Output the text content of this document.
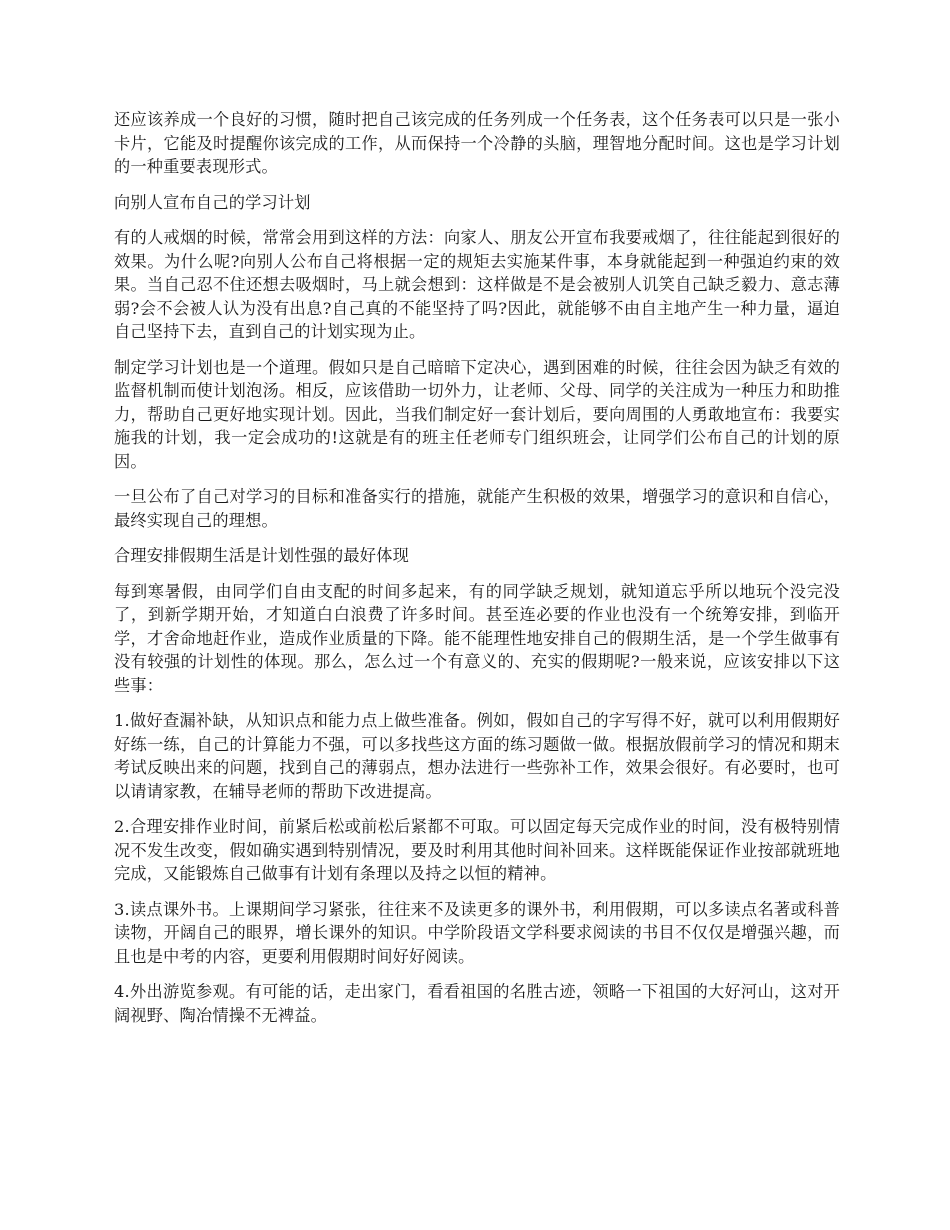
还应该养成一个良好的习惯，随时把自己该完成的任务列成一个任务表，这个任务表可以只是一张小卡片，它能及时提醒你该完成的工作，从而保持一个冷静的头脑，理智地分配时间。这也是学习计划的一种重要表现形式。

向别人宣布自己的学习计划

有的人戒烟的时候，常常会用到这样的方法：向家人、朋友公开宣布我要戒烟了，往往能起到很好的效果。为什么呢?向别人公布自己将根据一定的规矩去实施某件事，本身就能起到一种强迫约束的效果。当自己忍不住还想去吸烟时，马上就会想到：这样做是不是会被别人讥笑自己缺乏毅力、意志薄弱?会不会被人认为没有出息?自己真的不能坚持了吗?因此，就能够不由自主地产生一种力量，逼迫自己坚持下去，直到自己的计划实现为止。

制定学习计划也是一个道理。假如只是自己暗暗下定决心，遇到困难的时候，往往会因为缺乏有效的监督机制而使计划泡汤。相反，应该借助一切外力，让老师、父母、同学的关注成为一种压力和助推力，帮助自己更好地实现计划。因此，当我们制定好一套计划后，要向周围的人勇敢地宣布：我要实施我的计划，我一定会成功的!这就是有的班主任老师专门组织班会，让同学们公布自己的计划的原因。

一旦公布了自己对学习的目标和准备实行的措施，就能产生积极的效果，增强学习的意识和自信心，最终实现自己的理想。

合理安排假期生活是计划性强的最好体现

每到寒暑假，由同学们自由支配的时间多起来，有的同学缺乏规划，就知道忘乎所以地玩个没完没了，到新学期开始，才知道白白浪费了许多时间。甚至连必要的作业也没有一个统筹安排，到临开学，才舍命地赶作业，造成作业质量的下降。能不能理性地安排自己的假期生活，是一个学生做事有没有较强的计划性的体现。那么，怎么过一个有意义的、充实的假期呢?一般来说，应该安排以下这些事：

1.做好查漏补缺，从知识点和能力点上做些准备。例如，假如自己的字写得不好，就可以利用假期好好练一练，自己的计算能力不强，可以多找些这方面的练习题做一做。根据放假前学习的情况和期末考试反映出来的问题，找到自己的薄弱点，想办法进行一些弥补工作，效果会很好。有必要时，也可以请请家教，在辅导老师的帮助下改进提高。

2.合理安排作业时间，前紧后松或前松后紧都不可取。可以固定每天完成作业的时间，没有极特别情况不发生改变，假如确实遇到特别情况，要及时利用其他时间补回来。这样既能保证作业按部就班地完成，又能锻炼自己做事有计划有条理以及持之以恒的精神。

3.读点课外书。上课期间学习紧张，往往来不及读更多的课外书，利用假期，可以多读点名著或科普读物，开阔自己的眼界，增长课外的知识。中学阶段语文学科要求阅读的书目不仅仅是增强兴趣，而且也是中考的内容，更要利用假期时间好好阅读。

4.外出游览参观。有可能的话，走出家门，看看祖国的名胜古迹，领略一下祖国的大好河山，这对开阔视野、陶冶情操不无裨益。
